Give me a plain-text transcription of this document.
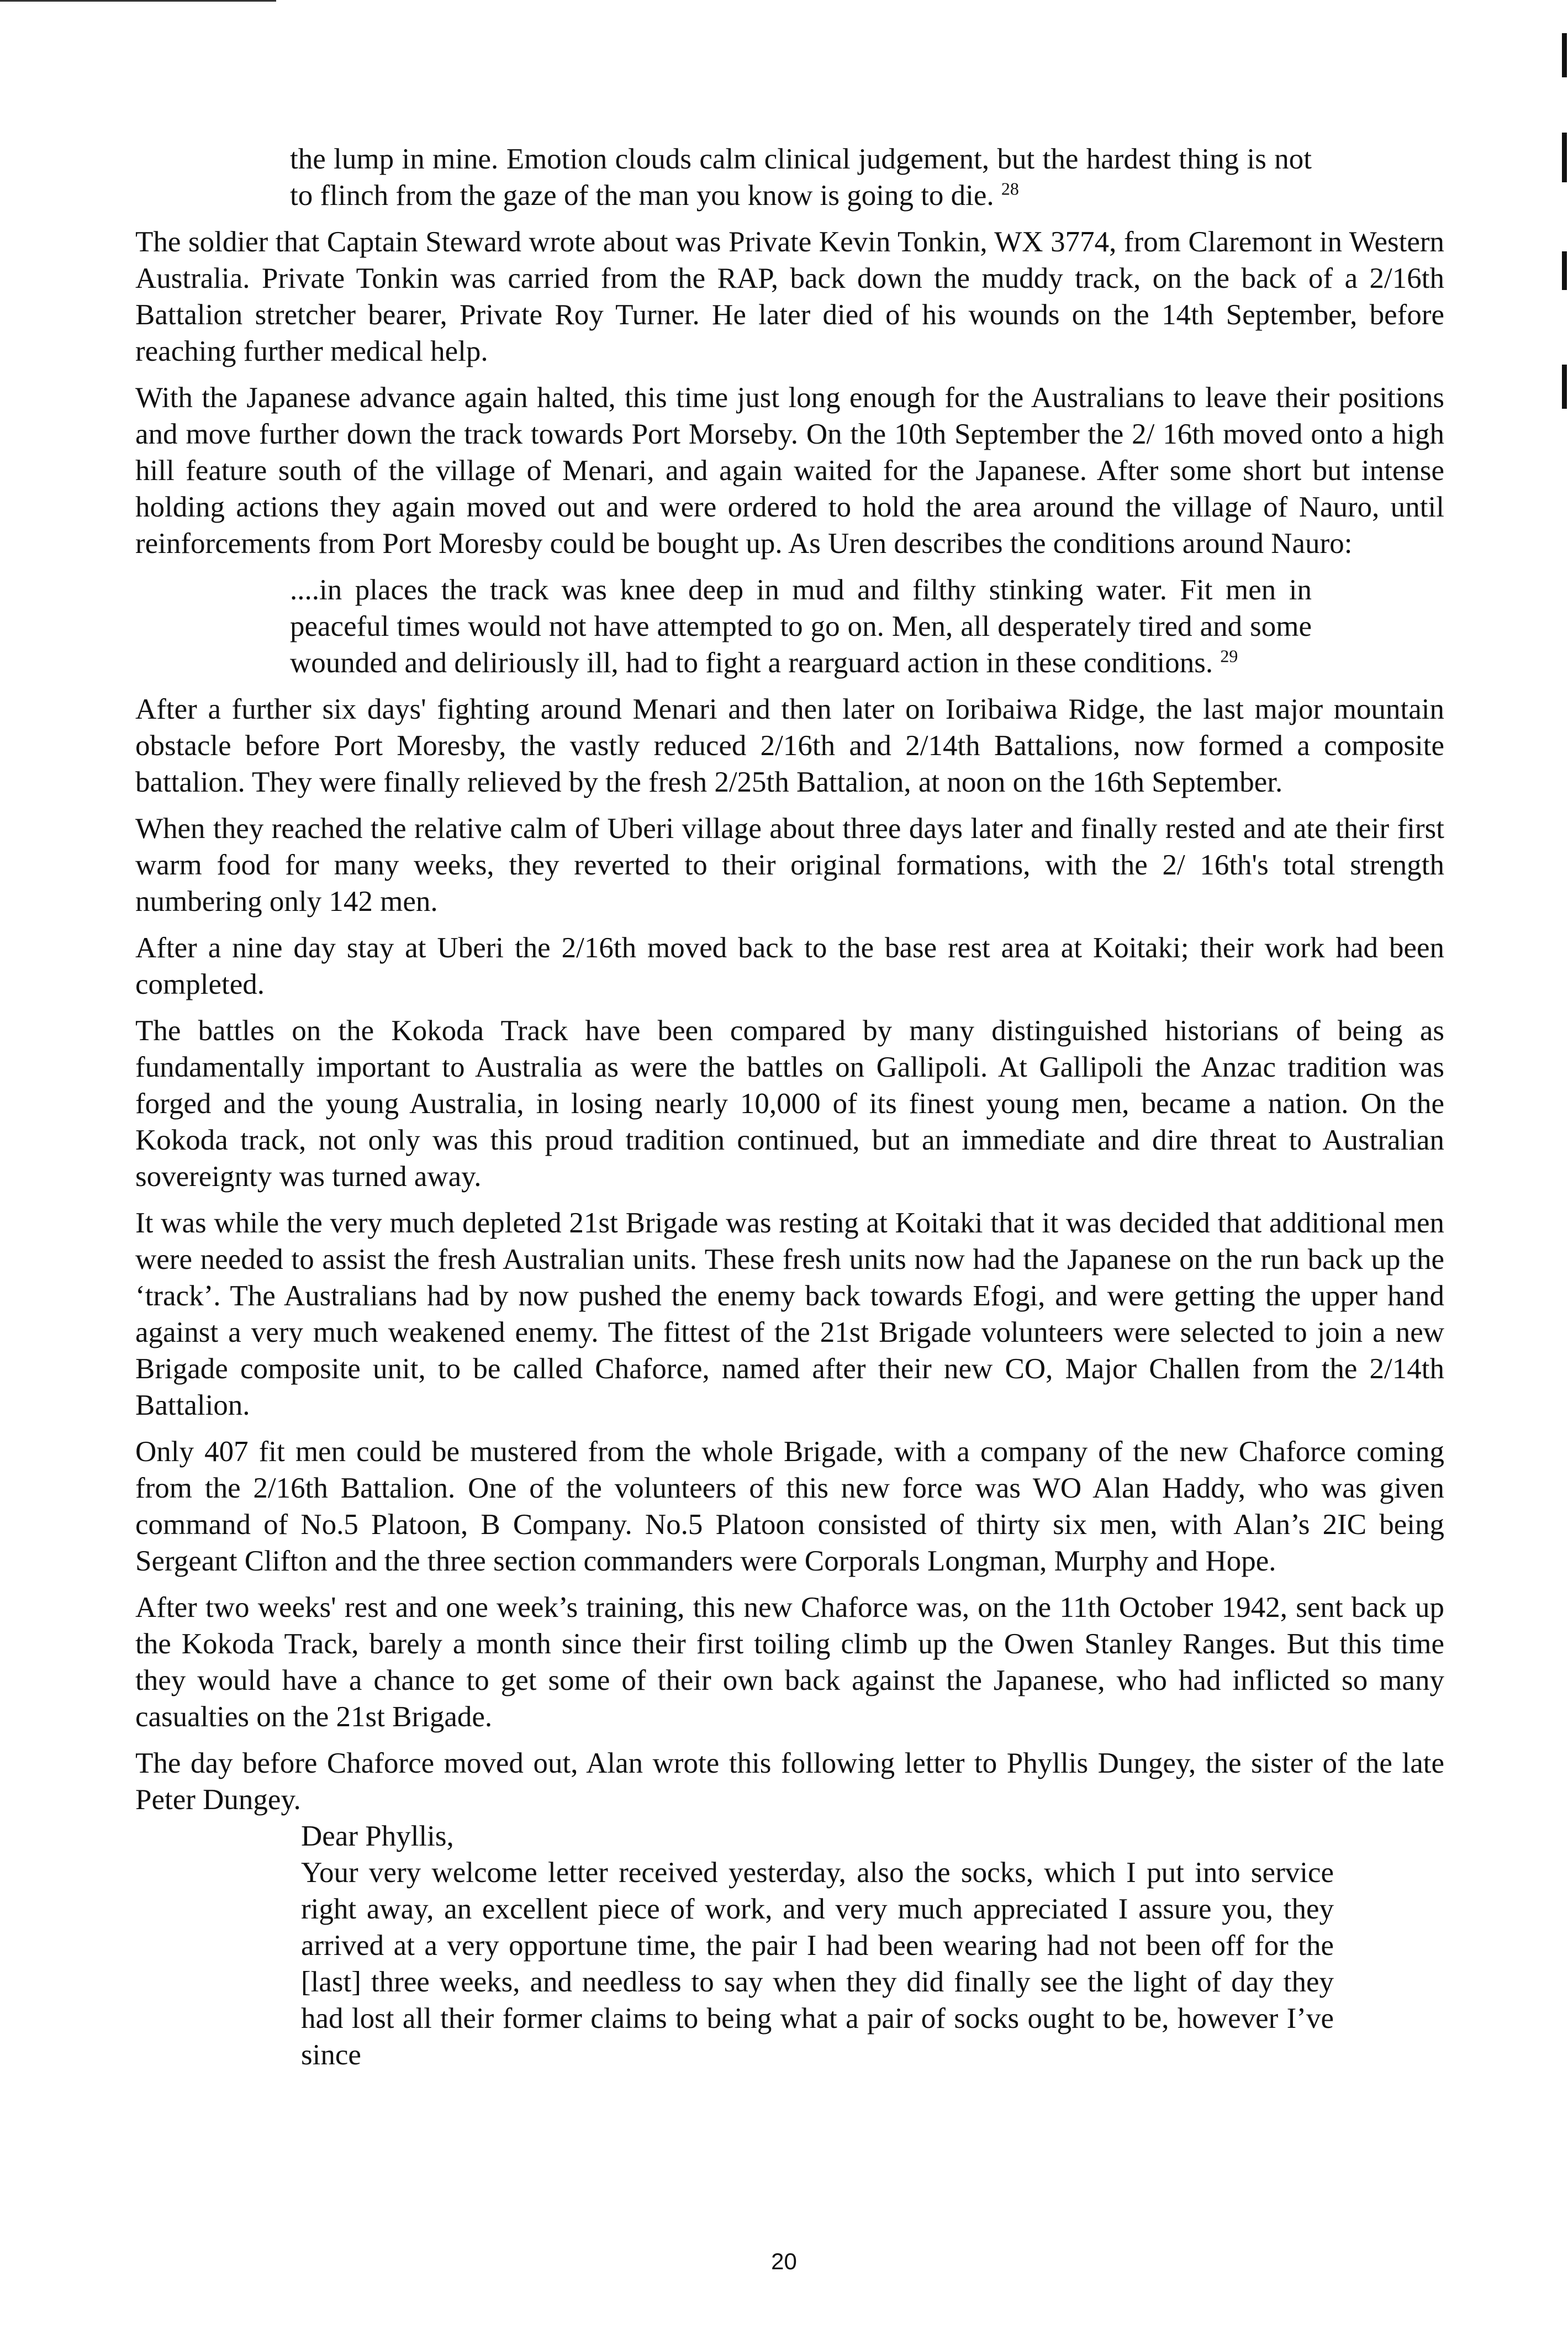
the lump in mine. Emotion clouds calm clinical judgement, but the hardest thing is not to flinch from the gaze of the man you know is going to die. $^{28}$

The soldier that Captain Steward wrote about was Private Kevin Tonkin, WX 3774, from Claremont in Western Australia. Private Tonkin was carried from the RAP, back down the muddy track, on the back of a 2/16th Battalion stretcher bearer, Private Roy Turner. He later died of his wounds on the 14th September, before reaching further medical help.

With the Japanese advance again halted, this time just long enough for the Australians to leave their positions and move further down the track towards Port Morseby. On the 10th September the 2/ 16th moved onto a high hill feature south of the village of Menari, and again waited for the Japanese. After some short but intense holding actions they again moved out and were ordered to hold the area around the village of Nauro, until reinforcements from Port Moresby could be bought up. As Uren describes the conditions around Nauro:

....in places the track was knee deep in mud and filthy stinking water. Fit men in peaceful times would not have attempted to go on. Men, all desperately tired and some wounded and deliriously ill, had to fight a rearguard action in these conditions. $^{29}$

After a further six days' fighting around Menari and then later on Ioribaiwa Ridge, the last major mountain obstacle before Port Moresby, the vastly reduced 2/16th and 2/14th Battalions, now formed a composite battalion. They were finally relieved by the fresh 2/25th Battalion, at noon on the 16th September.

When they reached the relative calm of Uberi village about three days later and finally rested and ate their first warm food for many weeks, they reverted to their original formations, with the 2/ 16th's total strength numbering only 142 men.

After a nine day stay at Uberi the 2/16th moved back to the base rest area at Koitaki; their work had been completed.

The battles on the Kokoda Track have been compared by many distinguished historians of being as fundamentally important to Australia as were the battles on Gallipoli. At Gallipoli the Anzac tradition was forged and the young Australia, in losing nearly 10,000 of its finest young men, became a nation. On the Kokoda track, not only was this proud tradition continued, but an immediate and dire threat to Australian sovereignty was turned away.

It was while the very much depleted 21st Brigade was resting at Koitaki that it was decided that additional men were needed to assist the fresh Australian units. These fresh units now had the Japanese on the run back up the ‘track’. The Australians had by now pushed the enemy back towards Efogi, and were getting the upper hand against a very much weakened enemy. The fittest of the 21st Brigade volunteers were selected to join a new Brigade composite unit, to be called Chaforce, named after their new CO, Major Challen from the 2/14th Battalion.

Only 407 fit men could be mustered from the whole Brigade, with a company of the new Chaforce coming from the 2/16th Battalion. One of the volunteers of this new force was WO Alan Haddy, who was given command of No.5 Platoon, B Company. No.5 Platoon consisted of thirty six men, with Alan’s 2IC being Sergeant Clifton and the three section commanders were Corporals Longman, Murphy and Hope.

After two weeks' rest and one week’s training, this new Chaforce was, on the 11th October 1942, sent back up the Kokoda Track, barely a month since their first toiling climb up the Owen Stanley Ranges. But this time they would have a chance to get some of their own back against the Japanese, who had inflicted so many casualties on the 21st Brigade.

The day before Chaforce moved out, Alan wrote this following letter to Phyllis Dungey, the sister of the late Peter Dungey.

Dear Phyllis,

Your very welcome letter received yesterday, also the socks, which I put into service right away, an excellent piece of work, and very much appreciated I assure you, they arrived at a very opportune time, the pair I had been wearing had not been off for the [last] three weeks, and needless to say when they did finally see the light of day they had lost all their former claims to being what a pair of socks ought to be, however I’ve since

20
